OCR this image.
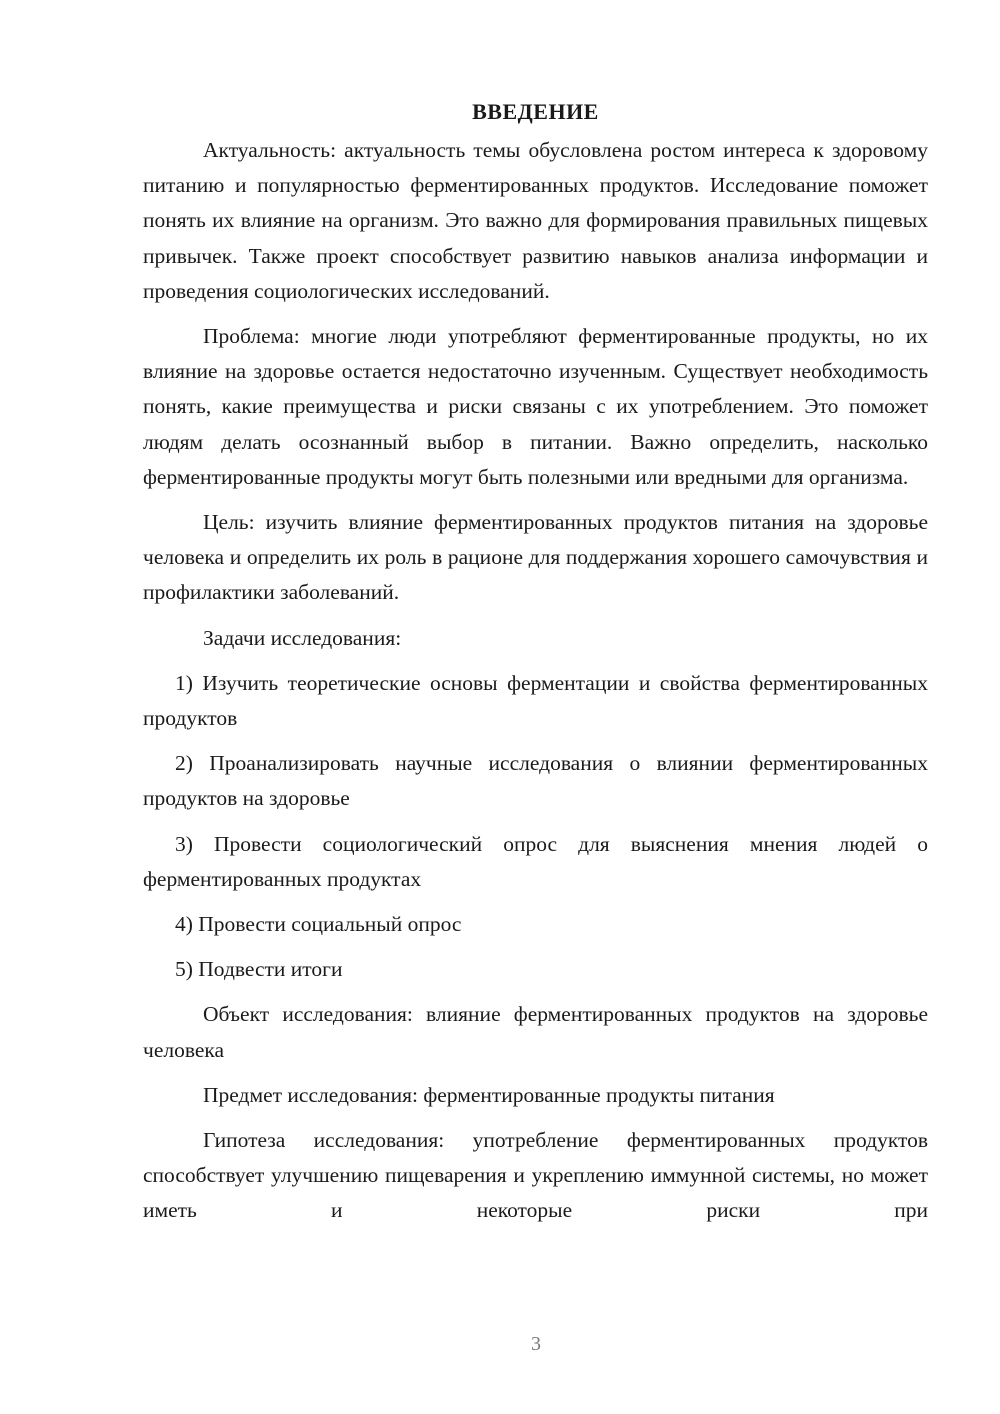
ВВЕДЕНИЕ

Актуальность: актуальность темы обусловлена ростом интереса к здоровому питанию и популярностью ферментированных продуктов. Исследование поможет понять их влияние на организм. Это важно для формирования правильных пищевых привычек. Также проект способствует развитию навыков анализа информации и проведения социологических исследований.

Проблема: многие люди употребляют ферментированные продукты, но их влияние на здоровье остается недостаточно изученным. Существует необходимость понять, какие преимущества и риски связаны с их употреблением. Это поможет людям делать осознанный выбор в питании. Важно определить, насколько ферментированные продукты могут быть полезными или вредными для организма.

Цель: изучить влияние ферментированных продуктов питания на здоровье человека и определить их роль в рационе для поддержания хорошего самочувствия и профилактики заболеваний.

Задачи исследования:

1) Изучить теоретические основы ферментации и свойства ферментированных продуктов

2) Проанализировать научные исследования о влиянии ферментированных продуктов на здоровье

3) Провести социологический опрос для выяснения мнения людей о ферментированных продуктах

4) Провести социальный опрос

5) Подвести итоги

Объект исследования: влияние ферментированных продуктов на здоровье человека

Предмет исследования: ферментированные продукты питания

Гипотеза исследования: употребление ферментированных продуктов способствует улучшению пищеварения и укреплению иммунной системы, но может иметь и некоторые риски при

3
